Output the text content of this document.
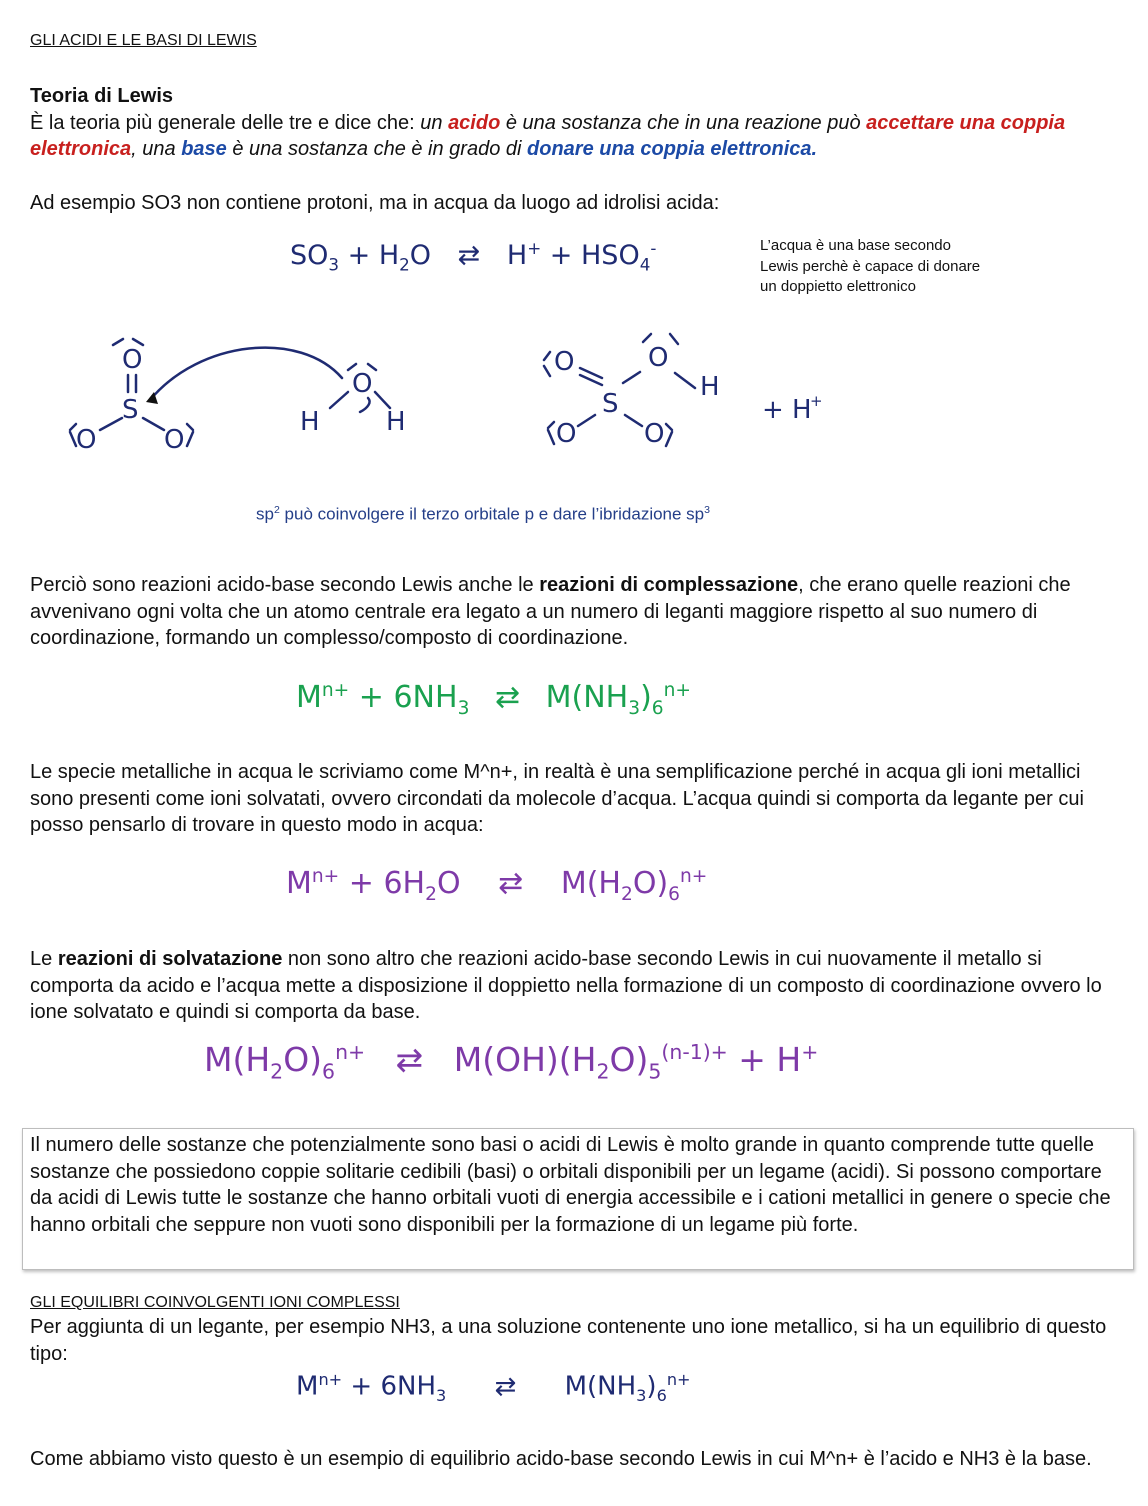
GLI ACIDI E LE BASI DI LEWIS
Teoria di Lewis
È la teoria più generale delle tre e dice che: un acido è una sostanza che in una reazione può accettare una coppia elettronica, una base è una sostanza che è in grado di donare una coppia elettronica.
Ad esempio SO3 non contiene protoni, ma in acqua da luogo ad idrolisi acida:
$SO_3 + H_2O$ ⇄ $H^+ + HSO_4^-$	L’acqua è una base secondo
Lewis perchè è capace di donare
un doppietto elettronico
O
S
O	O
O
H	H
O	O
H
S
O	O
+ H
+
$sp^2$ può coinvolgere il terzo orbitale p e dare l’ibridazione $sp^3$
Perciò sono reazioni acido-base secondo Lewis anche le reazioni di complessazione, che erano quelle reazioni che avvenivano ogni volta che un atomo centrale era legato a un numero di leganti maggiore rispetto al suo numero di coordinazione, formando un complesso/composto di coordinazione.
$M^{n+} + 6NH_3$ ⇄ $M(NH_3)_6^{n+}$
Le specie metalliche in acqua le scriviamo come M^n+, in realtà è una semplificazione perché in acqua gli ioni metallici sono presenti come ioni solvatati, ovvero circondati da molecole d’acqua. L’acqua quindi si comporta da legante per cui posso pensarlo di trovare in questo modo in acqua:
$M^{n+} + 6H_2O$ ⇄ $M(H_2O)_6^{n+}$
Le reazioni di solvatazione non sono altro che reazioni acido-base secondo Lewis in cui nuovamente il metallo si comporta da acido e l’acqua mette a disposizione il doppietto nella formazione di un composto di coordinazione ovvero lo ione solvatato e quindi si comporta da base.
$M(H_2O)_6^{n+}$ ⇄ $M(OH)(H_2O)_5^{(n-1)+} + H^+$
Il numero delle sostanze che potenzialmente sono basi o acidi di Lewis è molto grande in quanto comprende tutte quelle sostanze che possiedono coppie solitarie cedibili (basi) o orbitali disponibili per un legame (acidi). Si possono comportare da acidi di Lewis tutte le sostanze che hanno orbitali vuoti di energia accessibile e i cationi metallici in genere o specie che hanno orbitali che seppure non vuoti sono disponibili per la formazione di un legame più forte.
GLI EQUILIBRI COINVOLGENTI IONI COMPLESSI
Per aggiunta di un legante, per esempio NH3, a una soluzione contenente uno ione metallico, si ha un equilibrio di questo tipo:
$M^{n+} + 6NH_3$ ⇄ $M(NH_3)_6^{n+}$
Come abbiamo visto questo è un esempio di equilibrio acido-base secondo Lewis in cui M^n+ è l’acido e NH3 è la base.
